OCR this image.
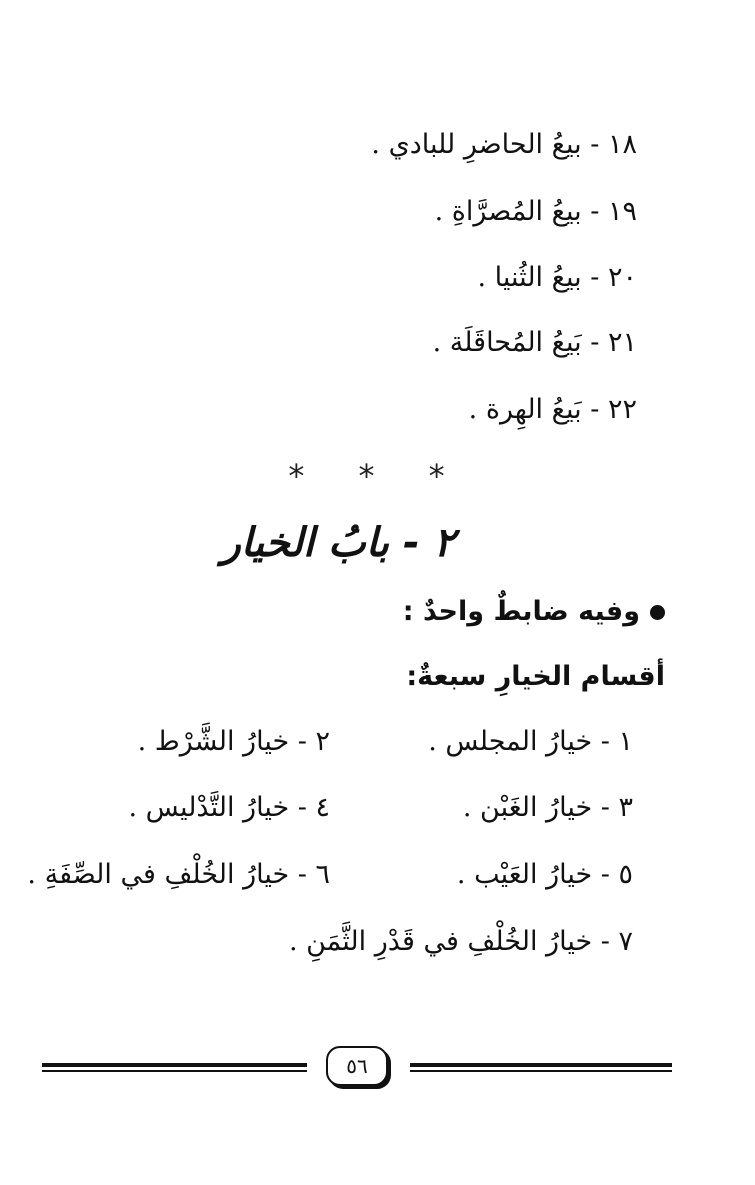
١٨ - بيعُ الحاضرِ للبادي .
١٩ - بيعُ المُصرَّاةِ .
٢٠ - بيعُ الثُنيا .
٢١ - بَيعُ المُحاقَلَة .
٢٢ - بَيعُ الهِرة .
* * *
٢ - بابُ الخيار
وفيه ضابطٌ واحدٌ :
أقسام الخيارِ سبعةٌ:
١ - خيارُ المجلس .
٢ - خيارُ الشَّرْط .
٣ - خيارُ الغَبْن .
٤ - خيارُ التَّدْليس .
٥ - خيارُ العَيْب .
٦ - خيارُ الخُلْفِ في الصِّفَةِ .
٧ - خيارُ الخُلْفِ في قَدْرِ الثَّمَنِ .
٥٦
